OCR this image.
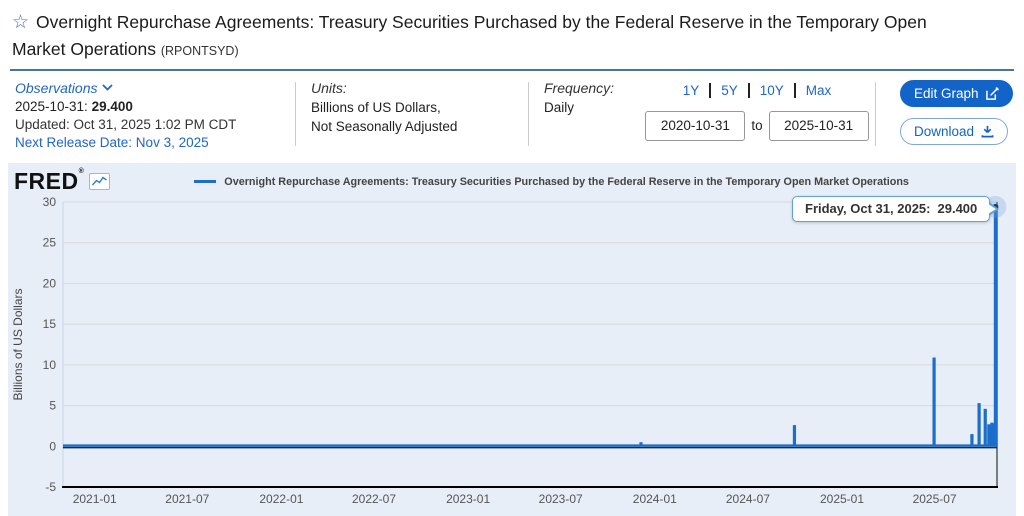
☆ Overnight Repurchase Agreements: Treasury Securities Purchased by the Federal Reserve in the Temporary Open Market Operations (RPONTSYD)
Observations
2025-10-31: 29.400
Updated: Oct 31, 2025 1:02 PM CDT
Next Release Date: Nov 3, 2025
Units:
Billions of US Dollars,
Not Seasonally Adjusted
Frequency:
Daily
1Y 5Y 10Y Max
2020-10-31
to
2025-10-31
Edit Graph
Download
FRED®
Overnight Repurchase Agreements: Treasury Securities Purchased by the Federal Reserve in the Temporary Open Market Operations
30
25
20
15
10
5
0
-5
2021-01	2021-07	2022-01	2022-07	2023-01	2023-07	2024-01	2024-07	2025-01	2025-07
Billions of US Dollars
Friday, Oct 31, 2025: 29.400
